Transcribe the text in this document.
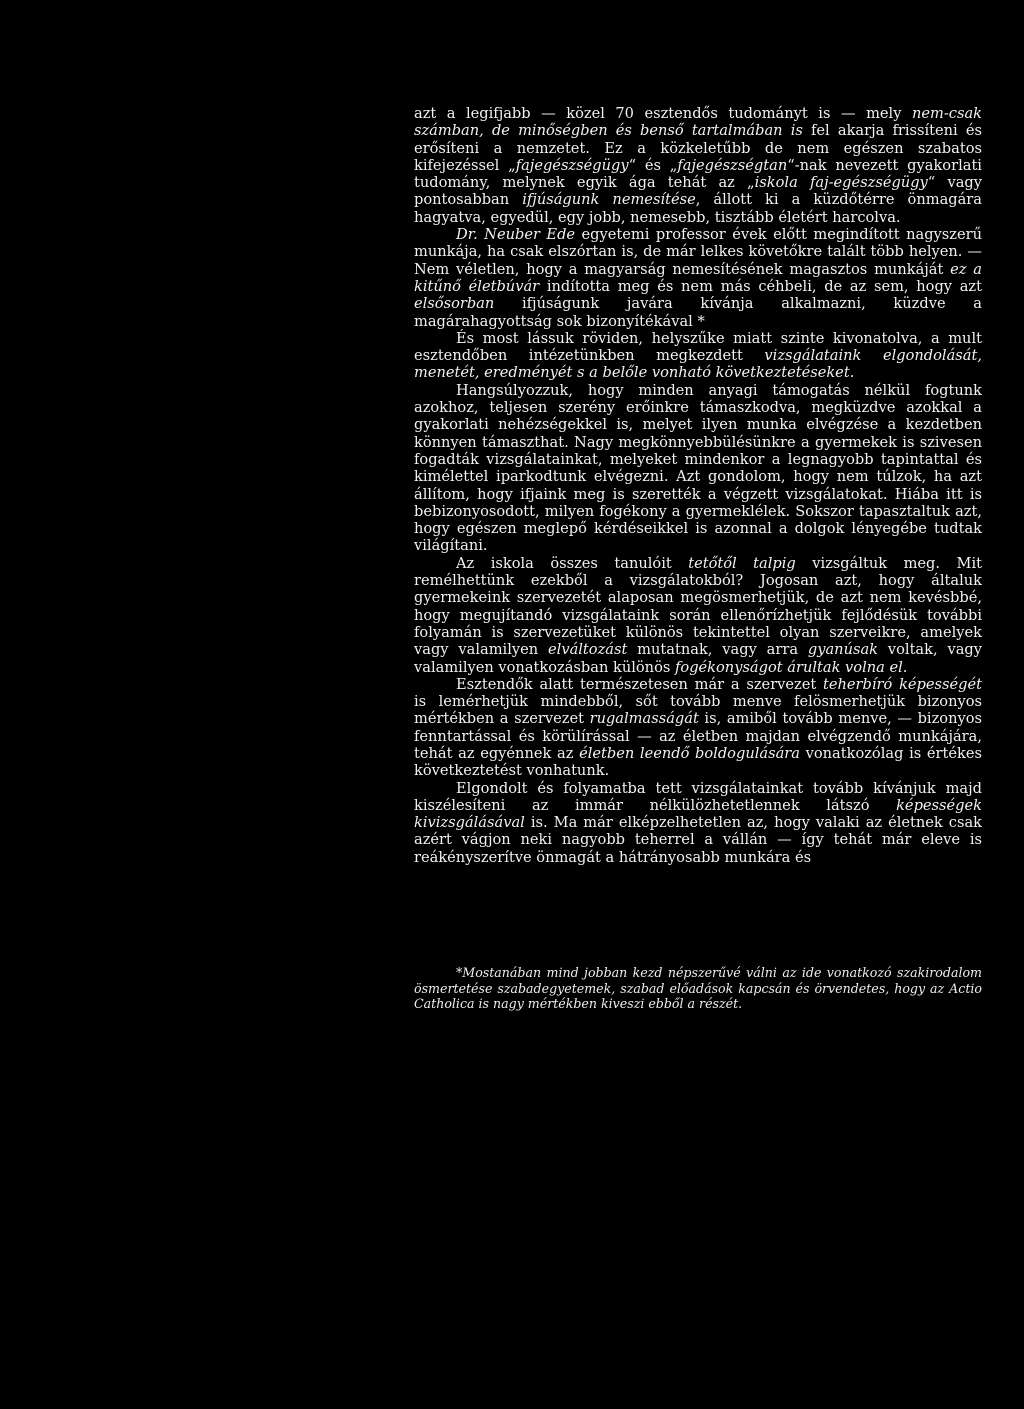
azt a legifjabb — közel 70 esztendős tudományt is — mely nem-csak számban, de minőségben és benső tartalmában is fel akarja frissíteni és erősíteni a nemzetet. Ez a közkeletűbb de nem egészen szabatos kifejezéssel „fajegészségügy“ és „fajegészségtan“-nak nevezett gyakorlati tudomány, melynek egyik ága tehát az „iskola faj-egészségügy“ vagy pontosabban ifjúságunk nemesítése, állott ki a küzdőtérre önmagára hagyatva, egyedül, egy jobb, nemesebb, tisztább életért harcolva.

Dr. Neuber Ede egyetemi professor évek előtt megindított nagyszerű munkája, ha csak elszórtan is, de már lelkes követőkre talált több helyen. — Nem véletlen, hogy a magyarság nemesítésének magasztos munkáját ez a kitűnő életbúvár indította meg és nem más céhbeli, de az sem, hogy azt elsősorban ifjúságunk javára kívánja alkalmazni, küzdve a magárahagyottság sok bizonyítékával *

És most lássuk röviden, helyszűke miatt szinte kivonatolva, a mult esztendőben intézetünkben megkezdett vizsgálataink elgondolását, menetét, eredményét s a belőle vonható következtetéseket.

Hangsúlyozzuk, hogy minden anyagi támogatás nélkül fogtunk azokhoz, teljesen szerény erőinkre támaszkodva, megküzdve azokkal a gyakorlati nehézségekkel is, melyet ilyen munka elvégzése a kezdetben könnyen támaszthat. Nagy megkönnyebbülésünkre a gyermekek is szivesen fogadták vizsgálatainkat, melyeket mindenkor a legnagyobb tapintattal és kimélettel iparkodtunk elvégezni. Azt gondolom, hogy nem túlzok, ha azt állítom, hogy ifjaink meg is szerették a végzett vizsgálatokat. Hiába itt is bebizonyosodott, milyen fogékony a gyermeklélek. Sokszor tapasztaltuk azt, hogy egészen meglepő kérdéseikkel is azonnal a dolgok lényegébe tudtak világítani.

Az iskola összes tanulóit tetőtől talpig vizsgáltuk meg. Mit remélhettünk ezekből a vizsgálatokból? Jogosan azt, hogy általuk gyermekeink szervezetét alaposan megösmerhetjük, de azt nem kevésbbé, hogy megujítandó vizsgálataink során ellenőrízhetjük fejlődésük további folyamán is szervezetüket különös tekintettel olyan szerveikre, amelyek vagy valamilyen elváltozást mutatnak, vagy arra gyanúsak voltak, vagy valamilyen vonatkozásban különös fogékonyságot árultak volna el.

Esztendők alatt természetesen már a szervezet teherbíró képességét is lemérhetjük mindebből, sőt tovább menve felösmerhetjük bizonyos mértékben a szervezet rugalmasságát is, amiből tovább menve, — bizonyos fenntartással és körülírással — az életben majdan elvégzendő munkájára, tehát az egyénnek az életben leendő boldogulására vonatkozólag is értékes következtetést vonhatunk.

Elgondolt és folyamatba tett vizsgálatainkat tovább kívánjuk majd kiszélesíteni az immár nélkülözhetetlennek látszó képességek kivizsgálásával is. Ma már elképzelhetetlen az, hogy valaki az életnek csak azért vágjon neki nagyobb teherrel a vállán — így tehát már eleve is reákényszerítve önmagát a hátrányosabb munkára és

*Mostanában mind jobban kezd népszerűvé válni az ide vonatkozó szakirodalom ösmertetése szabadegyetemek, szabad előadások kapcsán és örvendetes, hogy az Actio Catholica is nagy mértékben kiveszi ebből a részét.
